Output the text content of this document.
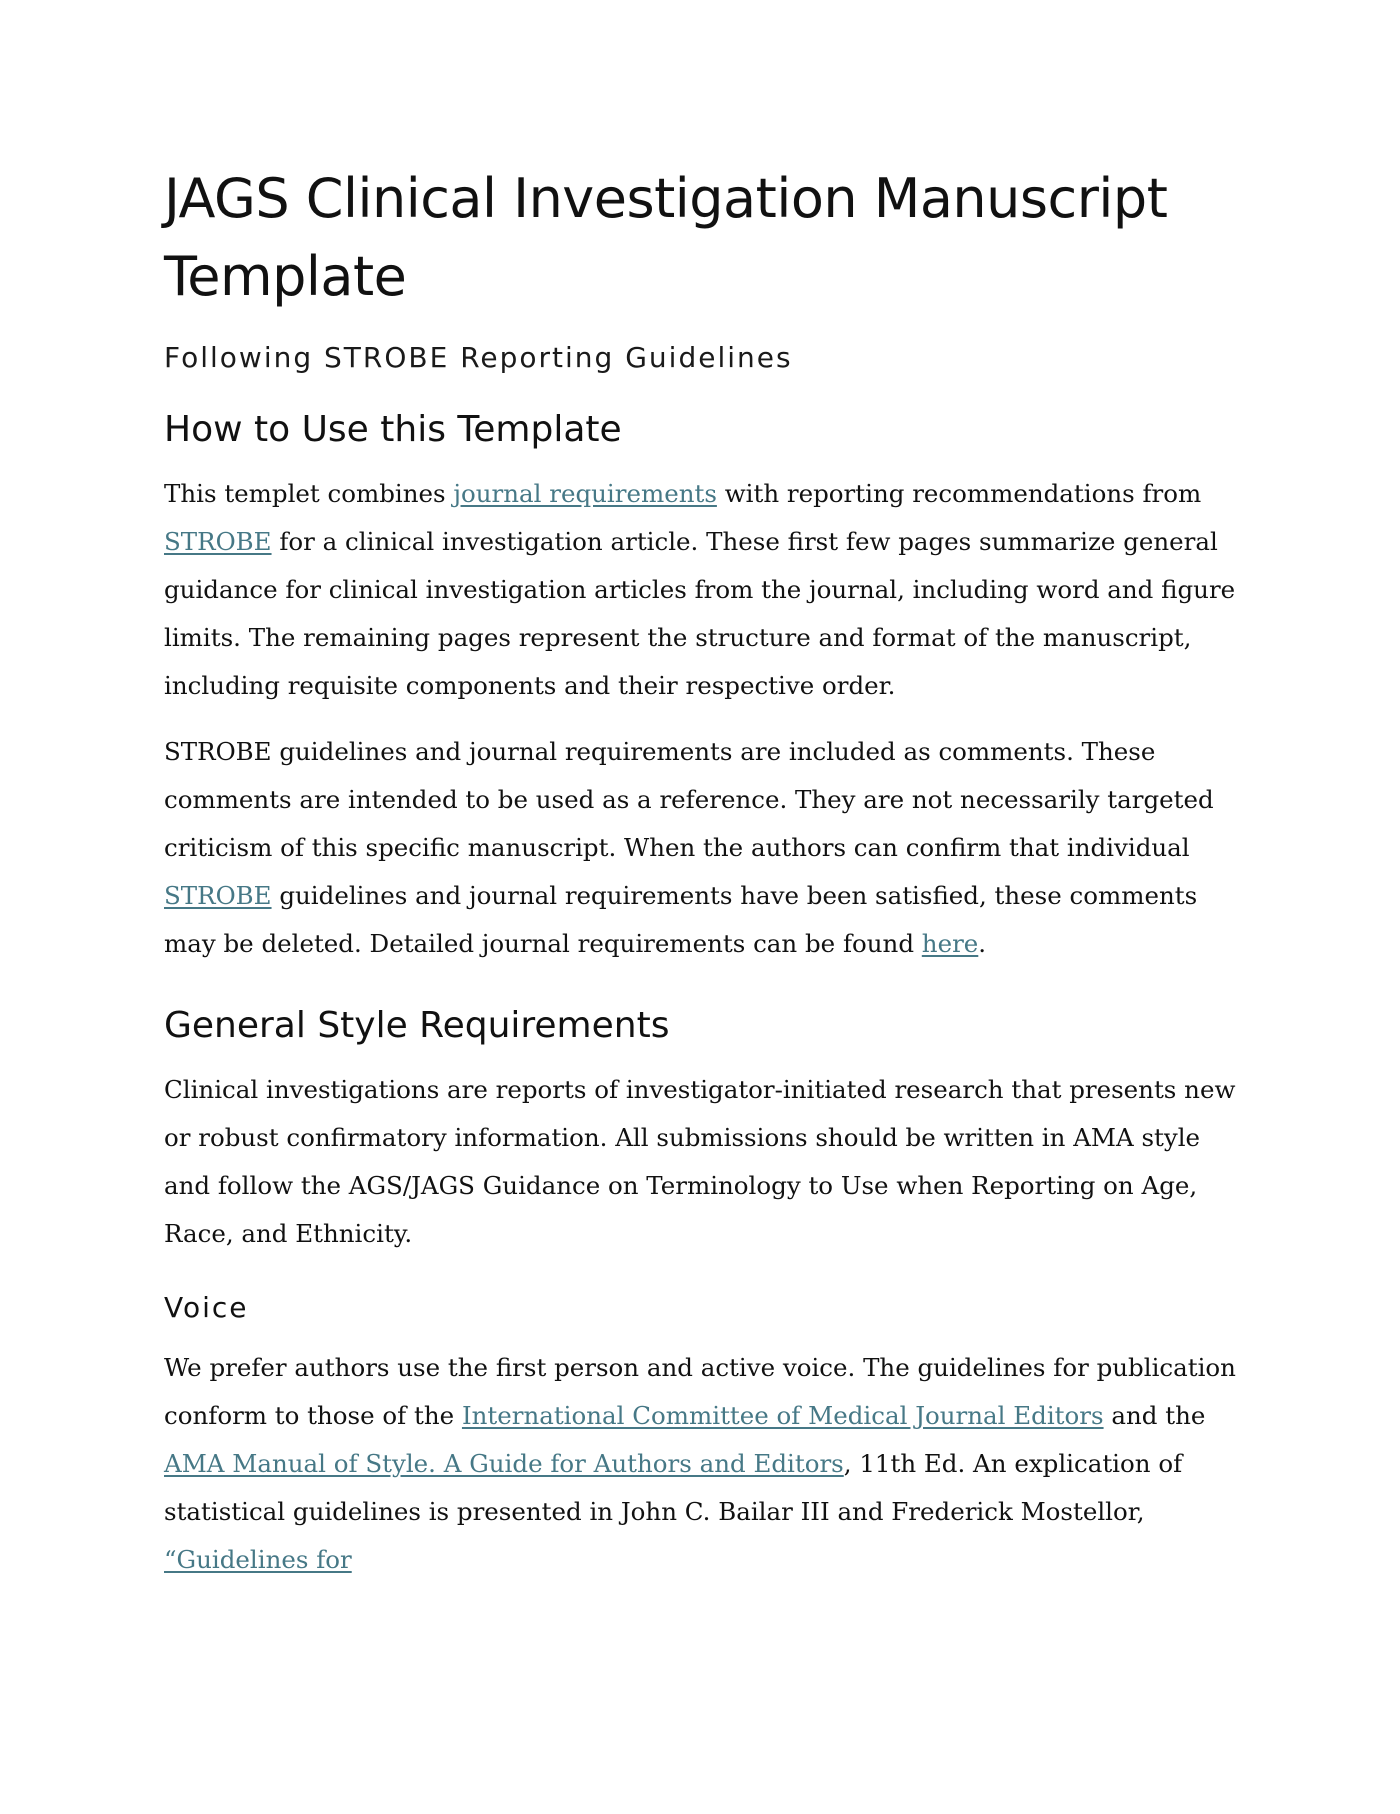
JAGS Clinical Investigation Manuscript Template
Following STROBE Reporting Guidelines
How to Use this Template

This templet combines journal requirements with reporting recommendations from STROBE for a clinical investigation article. These first few pages summarize general guidance for clinical investigation articles from the journal, including word and figure limits. The remaining pages represent the structure and format of the manuscript, including requisite components and their respective order.

STROBE guidelines and journal requirements are included as comments. These comments are intended to be used as a reference. They are not necessarily targeted criticism of this specific manuscript. When the authors can confirm that individual STROBE guidelines and journal requirements have been satisfied, these comments may be deleted. Detailed journal requirements can be found here.

General Style Requirements

Clinical investigations are reports of investigator-initiated research that presents new or robust confirmatory information. All submissions should be written in AMA style and follow the AGS/JAGS Guidance on Terminology to Use when Reporting on Age, Race, and Ethnicity.

Voice

We prefer authors use the first person and active voice. The guidelines for publication conform to those of the International Committee of Medical Journal Editors and the AMA Manual of Style. A Guide for Authors and Editors, 11th Ed. An explication of statistical guidelines is presented in John C. Bailar III and Frederick Mostellor, “Guidelines for
